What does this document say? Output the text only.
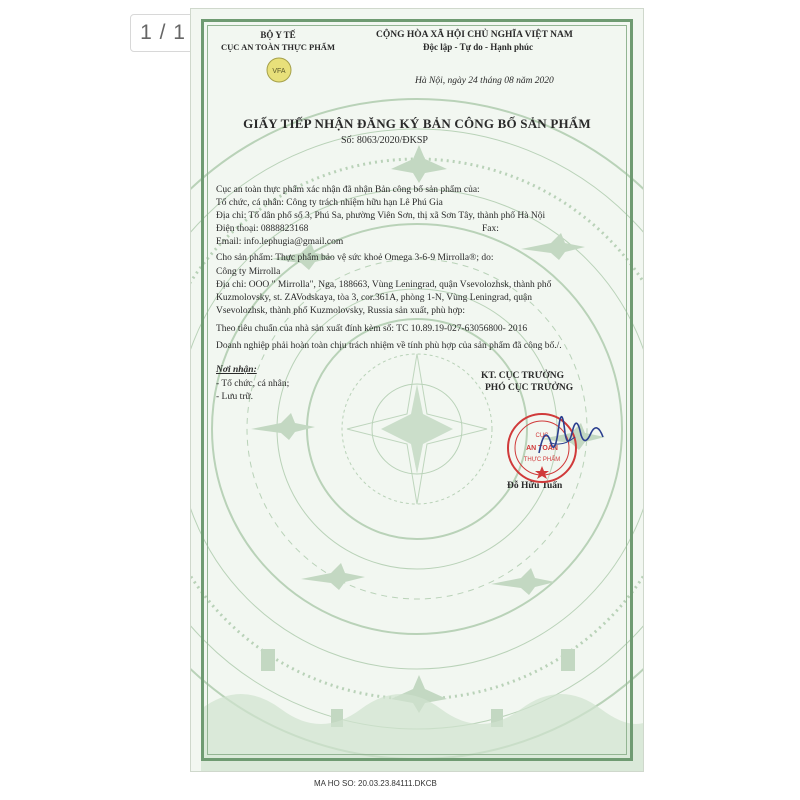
1 / 1
VFA
BỘ Y TẾ
CỤC AN TOÀN THỰC PHẨM
CỘNG HÒA XÃ HỘI CHỦ NGHĨA VIỆT NAM
Độc lập - Tự do - Hạnh phúc
Hà Nội, ngày 24 tháng 08 năm 2020
GIẤY TIẾP NHẬN ĐĂNG KÝ BẢN CÔNG BỐ SẢN PHẨM
Số: 8063/2020/ĐKSP
Cục an toàn thực phẩm xác nhận đã nhận Bản công bố sản phẩm của:
Tổ chức, cá nhân: Công ty trách nhiệm hữu hạn Lê Phú Gia
Địa chỉ: Tổ dân phố số 3, Phú Sa, phường Viên Sơn, thị xã Sơn Tây, thành phố Hà Nội
Điện thoại: 0888823168	Fax:
Email: info.lephugia@gmail.com
Cho sản phẩm: Thực phẩm bảo vệ sức khoẻ Omega 3-6-9 Mirrolla®; do:
Công ty Mirrolla
Địa chỉ: OOO " Mirrolla", Nga, 188663, Vùng Leningrad, quận Vsevolozhsk, thành phố
Kuzmolovsky, st. ZAVodskaya, tòa 3, cor.361A, phòng 1-N, Vùng Leningrad, quận
Vsevolozhsk, thành phố Kuzmolovsky, Russia sản xuất, phù hợp:
Theo tiêu chuẩn của nhà sản xuất đính kèm số: TC 10.89.19-027-63056800- 2016
Doanh nghiệp phải hoàn toàn chịu trách nhiệm về tính phù hợp của sản phẩm đã công bố./.
Nơi nhận:
- Tổ chức, cá nhân;
- Lưu trữ.
KT. CỤC TRƯỞNG
PHÓ CỤC TRƯỞNG
Đỗ Hữu Tuấn
CỤC
AN TOÀN
THỰC PHẨM
MA HO SO: 20.03.23.84111.DKCB
